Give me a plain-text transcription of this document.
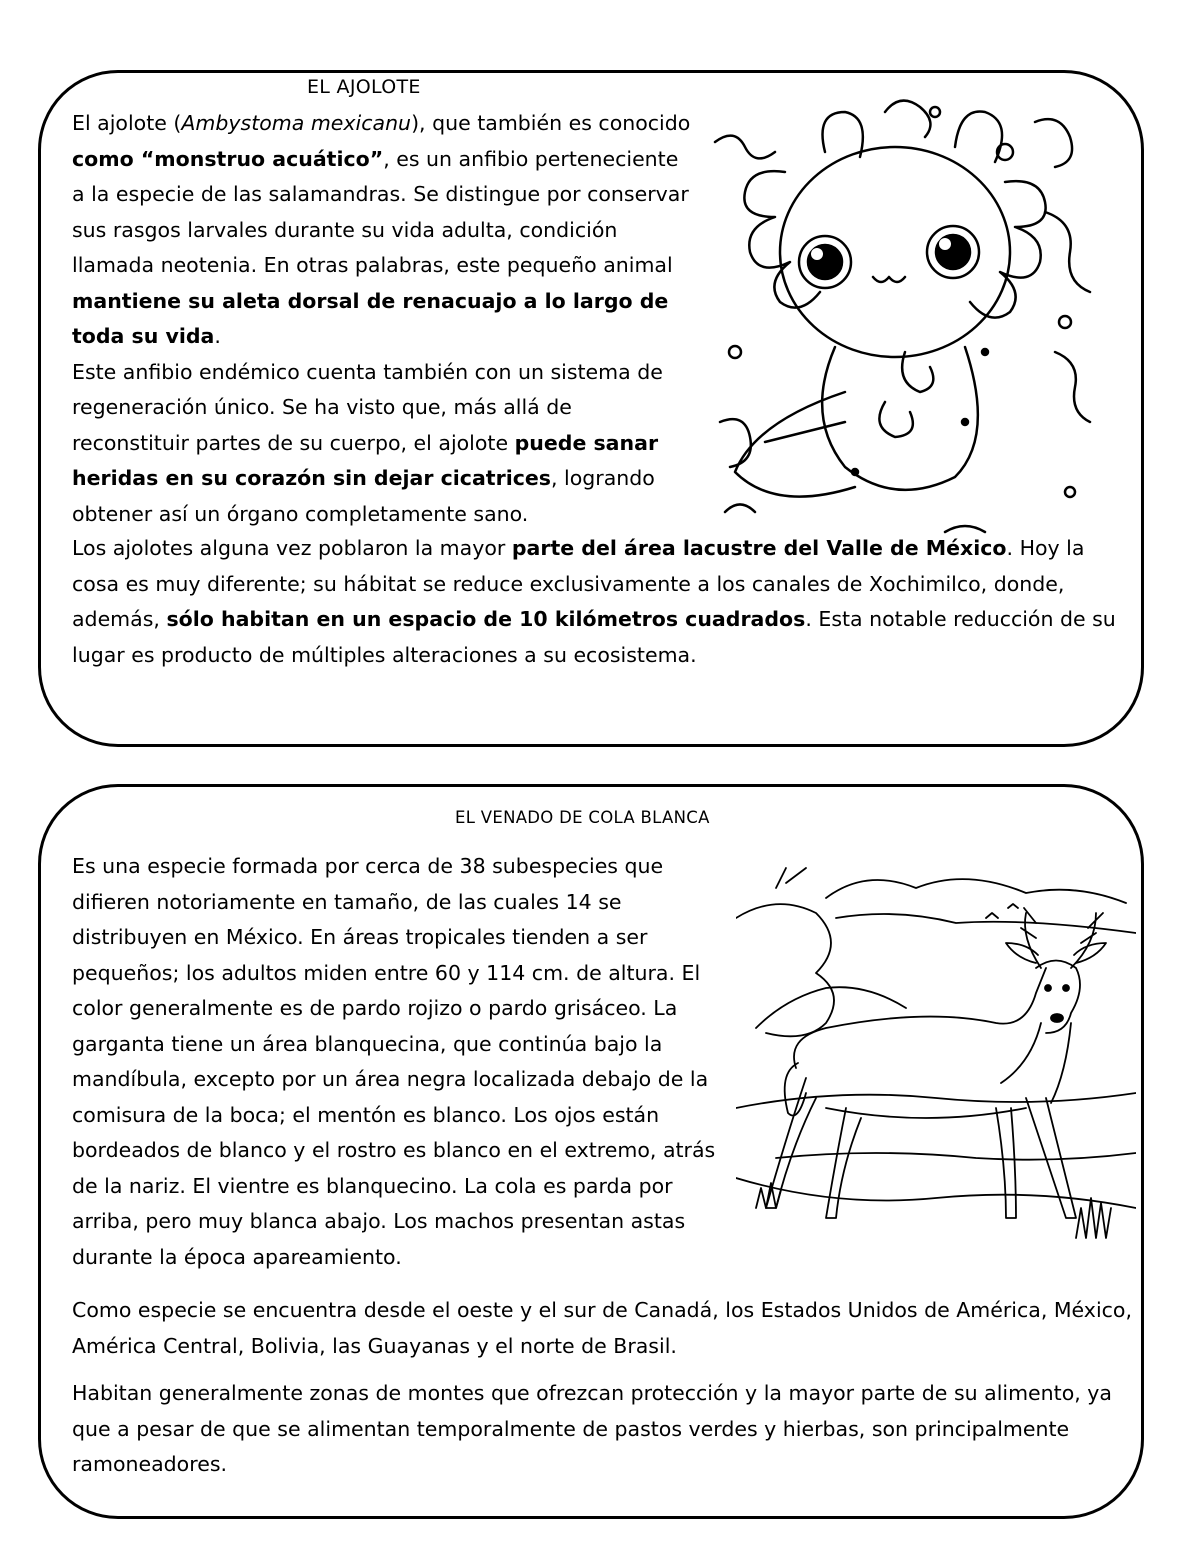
EL AJOLOTE

El ajolote (Ambystoma mexicanu), que también es conocido como “monstruo acuático”, es un anfibio perteneciente a la especie de las salamandras. Se distingue por conservar sus rasgos larvales durante su vida adulta, condición llamada neotenia. En otras palabras, este pequeño animal mantiene su aleta dorsal de renacuajo a lo largo de toda su vida.

Este anfibio endémico cuenta también con un sistema de regeneración único. Se ha visto que, más allá de reconstituir partes de su cuerpo, el ajolote puede sanar heridas en su corazón sin dejar cicatrices, logrando obtener así un órgano completamente sano.

Los ajolotes alguna vez poblaron la mayor parte del área lacustre del Valle de México. Hoy la cosa es muy diferente; su hábitat se reduce exclusivamente a los canales de Xochimilco, donde, además, sólo habitan en un espacio de 10 kilómetros cuadrados. Esta notable reducción de su lugar es producto de múltiples alteraciones a su ecosistema.

EL VENADO DE COLA BLANCA

Es una especie formada por cerca de 38 subespecies que difieren notoriamente en tamaño, de las cuales 14 se distribuyen en México. En áreas tropicales tienden a ser pequeños; los adultos miden entre 60 y 114 cm. de altura. El color generalmente es de pardo rojizo o pardo grisáceo. La garganta tiene un área blanquecina, que continúa bajo la mandíbula, excepto por un área negra localizada debajo de la comisura de la boca; el mentón es blanco. Los ojos están bordeados de blanco y el rostro es blanco en el extremo, atrás de la nariz. El vientre es blanquecino. La cola es parda por arriba, pero muy blanca abajo. Los machos presentan astas durante la época apareamiento.

Como especie se encuentra desde el oeste y el sur de Canadá, los Estados Unidos de América, México, América Central, Bolivia, las Guayanas y el norte de Brasil.

Habitan generalmente zonas de montes que ofrezcan protección y la mayor parte de su alimento, ya que a pesar de que se alimentan temporalmente de pastos verdes y hierbas, son principalmente ramoneadores.
